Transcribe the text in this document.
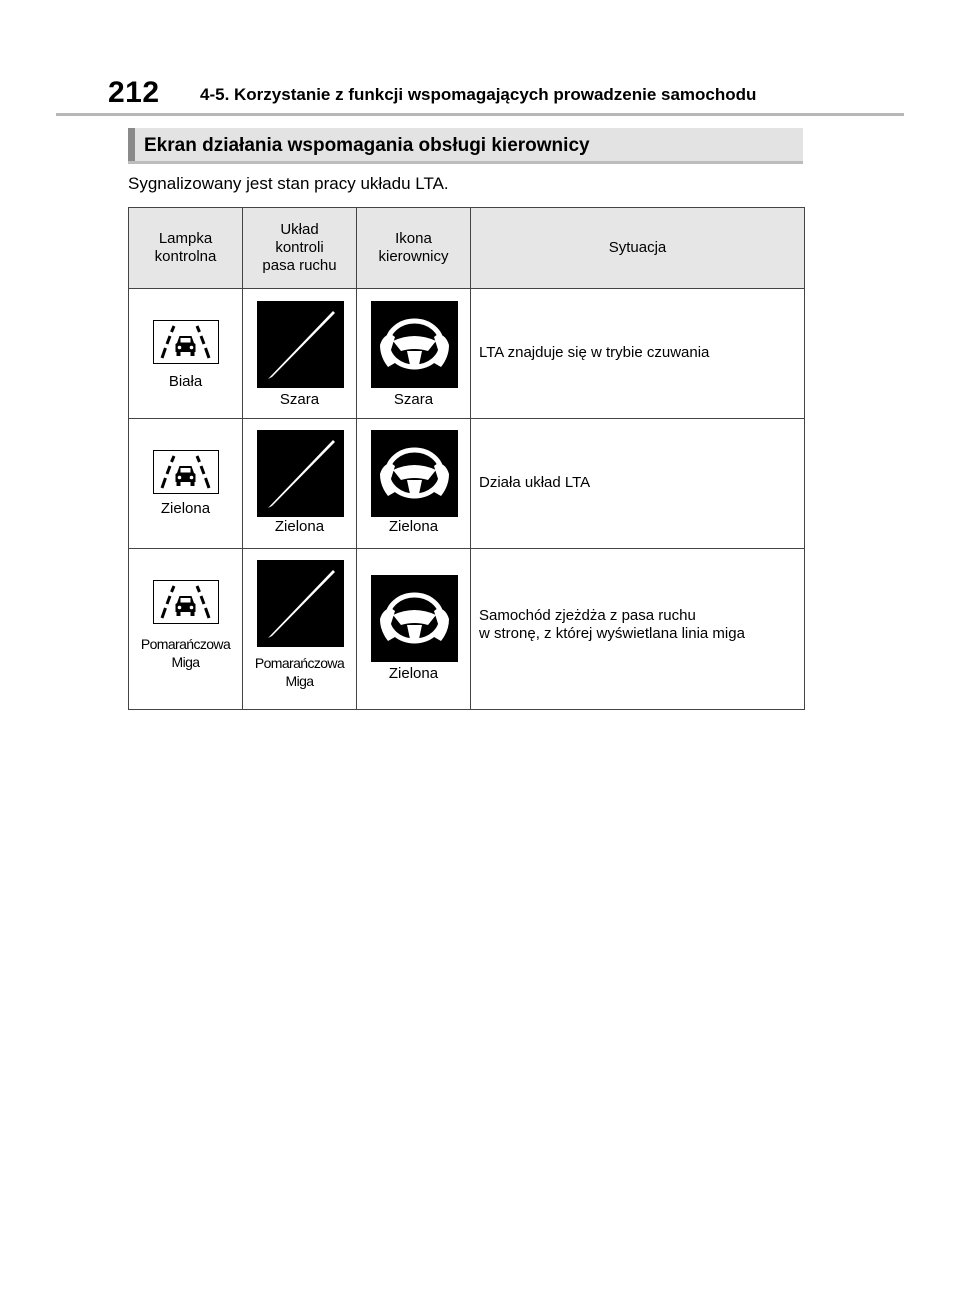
212 4-5. Korzystanie z funkcji wspomagających prowadzenie samochodu
Ekran działania wspomagania obsługi kierownicy
Sygnalizowany jest stan pracy układu LTA.
Lampka
kontrolna	Układ
kontroli
pasa ruchu	Ikona
kierownicy	Sytuacja

Biała	Szara	Szara	LTA znajduje się w trybie czuwania

Zielona	Zielona	Zielona	Działa układ LTA

Pomarańczowa
Miga	Pomarańczowa
Miga	Zielona	Samochód zjeżdża z pasa ruchu
w stronę, z której wyświetlana linia miga
